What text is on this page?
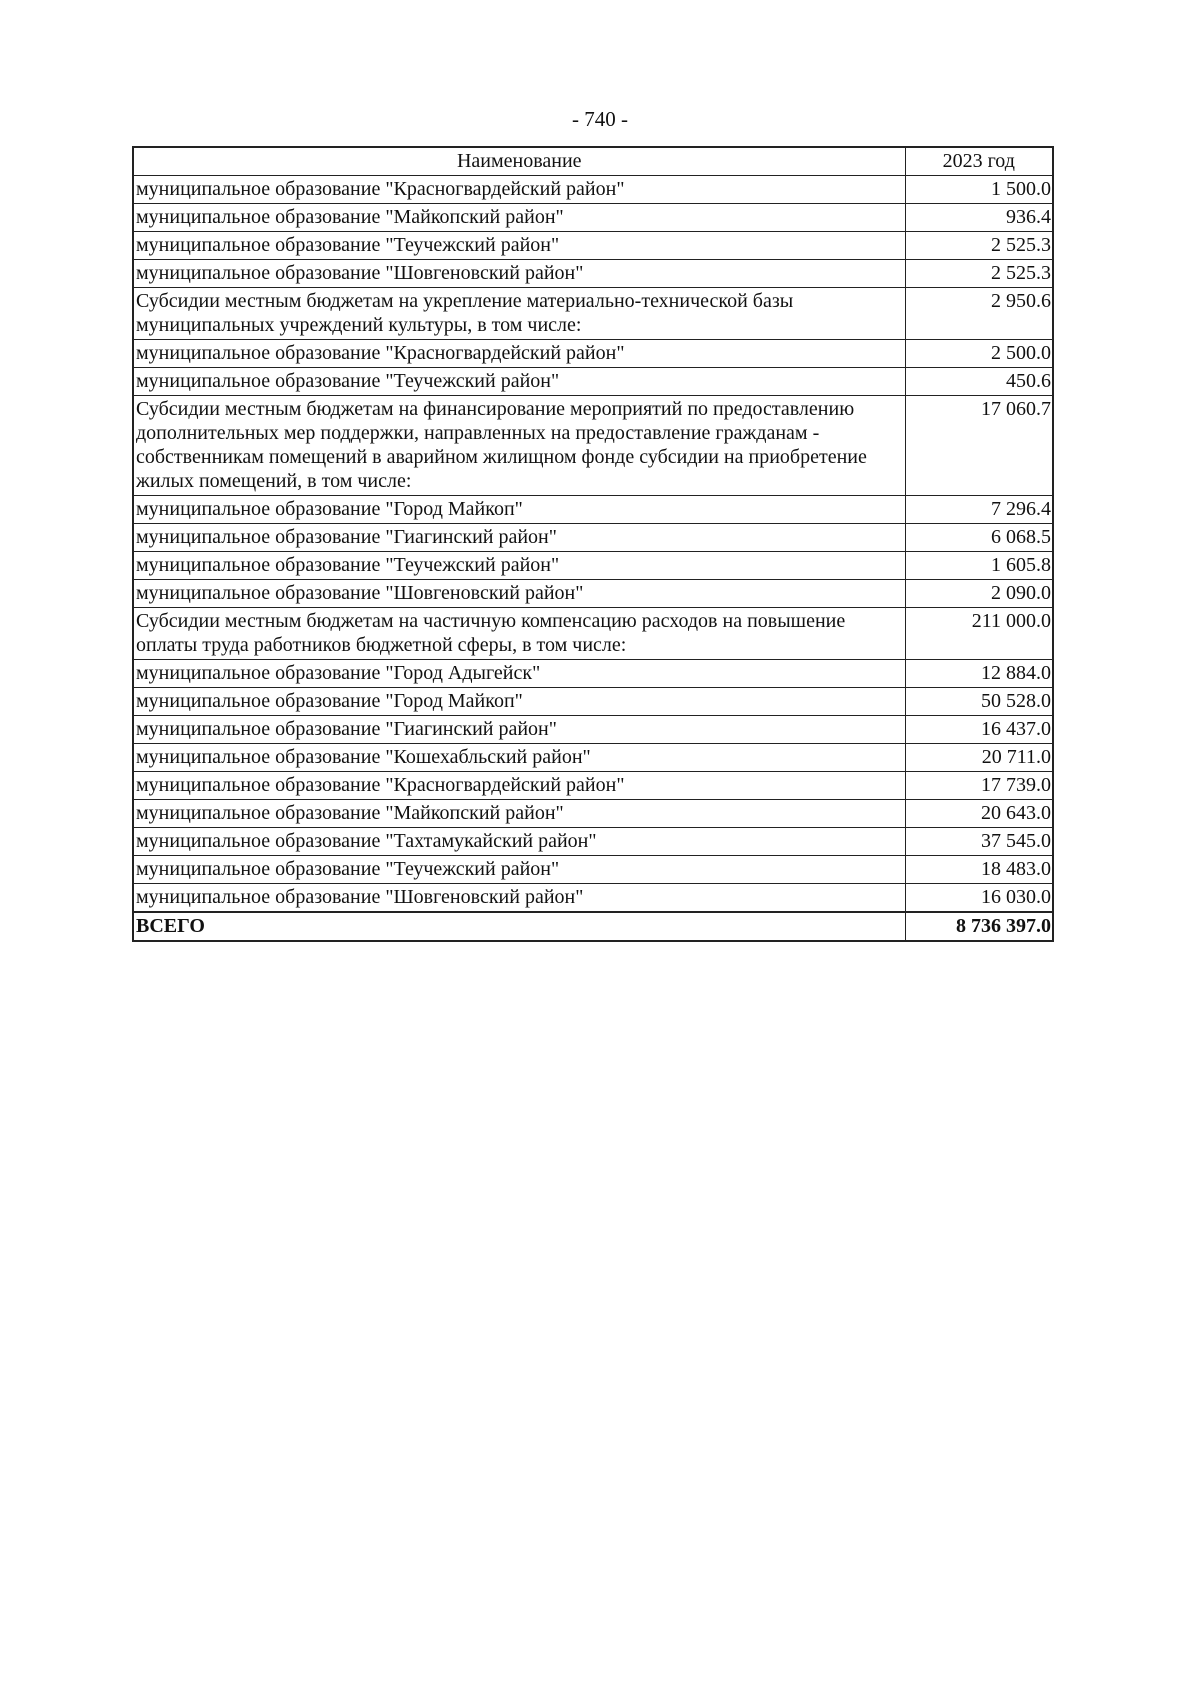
- 740 -
Наименование	2023 год
муниципальное образование "Красногвардейский район"	1 500.0
муниципальное образование "Майкопский район"	936.4
муниципальное образование "Теучежский район"	2 525.3
муниципальное образование "Шовгеновский район"	2 525.3
Субсидии местным бюджетам на укрепление материально-технической базы муниципальных учреждений культуры, в том числе:	2 950.6
муниципальное образование "Красногвардейский район"	2 500.0
муниципальное образование "Теучежский район"	450.6
Субсидии местным бюджетам на финансирование мероприятий по предоставлению дополнительных мер поддержки, направленных на предоставление гражданам - собственникам помещений в аварийном жилищном фонде субсидии на приобретение жилых помещений, в том числе:	17 060.7
муниципальное образование "Город Майкоп"	7 296.4
муниципальное образование "Гиагинский район"	6 068.5
муниципальное образование "Теучежский район"	1 605.8
муниципальное образование "Шовгеновский район"	2 090.0
Субсидии местным бюджетам на частичную компенсацию расходов на повышение оплаты труда работников бюджетной сферы, в том числе:	211 000.0
муниципальное образование "Город Адыгейск"	12 884.0
муниципальное образование "Город Майкоп"	50 528.0
муниципальное образование "Гиагинский район"	16 437.0
муниципальное образование "Кошехабльский район"	20 711.0
муниципальное образование "Красногвардейский район"	17 739.0
муниципальное образование "Майкопский район"	20 643.0
муниципальное образование "Тахтамукайский район"	37 545.0
муниципальное образование "Теучежский район"	18 483.0
муниципальное образование "Шовгеновский район"	16 030.0
ВСЕГО	8 736 397.0
